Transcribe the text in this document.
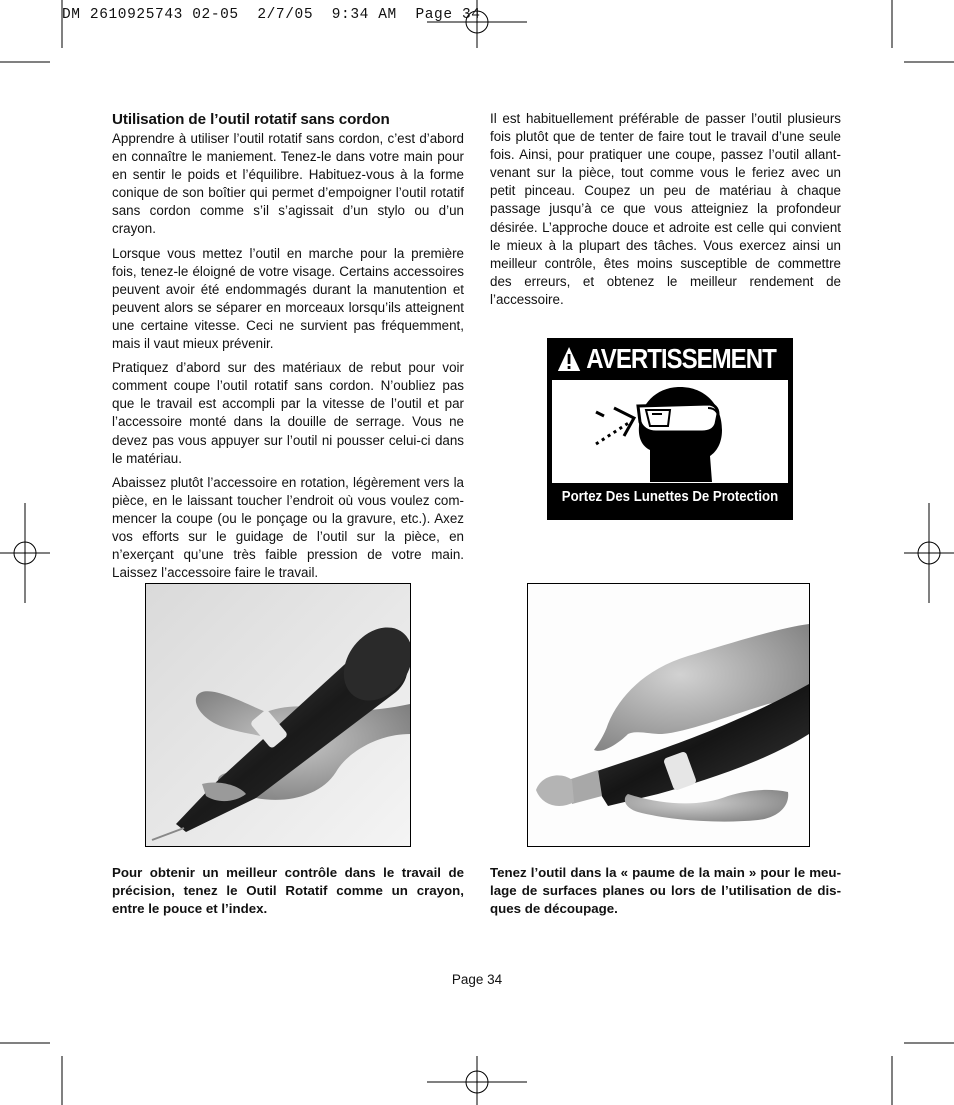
DM 2610925743 02-05  2/7/05  9:34 AM  Page 34
Utilisation de l’outil rotatif sans cordon

Apprendre à utiliser l’outil rotatif sans cordon, c’est d’abord en connaître le maniement. Tenez-le dans votre main pour en sentir le poids et l’équilibre. Habituez-vous à la forme conique de son boîtier qui permet d’empoigner l’outil rotatif sans cordon comme s’il s’agissait d’un stylo ou d’un crayon.

Lorsque vous mettez l’outil en marche pour la première fois, tenez-le éloigné de votre visage. Certains accessoires peuvent avoir été endommagés durant la manutention et peuvent alors se séparer en morceaux lorsqu’ils atteignent une certaine vitesse. Ceci ne survient pas fréquemment, mais il vaut mieux prévenir.

Pratiquez d’abord sur des matériaux de rebut pour voir comment coupe l’outil rotatif sans cordon. N’oubliez pas que le travail est accompli par la vitesse de l’outil et par l’accessoire monté dans la douille de serrage. Vous ne devez pas vous appuyer sur l’outil ni pousser celui-ci dans le matériau.

Abaissez plutôt l’accessoire en rotation, légèrement vers la pièce, en le laissant toucher l’endroit où vous voulez commencer la coupe (ou le ponçage ou la gravure, etc.). Axez vos efforts sur le guidage de l’outil sur la pièce, en n’exerçant qu’une très faible pression de votre main. Laissez l’accessoire faire le travail.

Il est habituellement préférable de passer l’outil plusieurs fois plutôt que de tenter de faire tout le travail d’une seule fois. Ainsi, pour pratiquer une coupe, passez l’outil allantvenant sur la pièce, tout comme vous le feriez avec un petit pinceau. Coupez un peu de matériau à chaque passage jusqu’à ce que vous atteigniez la profondeur désirée. L’approche douce et adroite est celle qui convient le mieux à la plupart des tâches. Vous exercez ainsi un meilleur contrôle, êtes moins susceptible de commettre des erreurs, et obtenez le meilleur rendement de l’accessoire.

AVERTISSEMENT
Portez Des Lunettes De Protection
Pour obtenir un meilleur contrôle dans le travail de précision, tenez le Outil Rotatif comme un crayon, entre le pouce et l’index.
Tenez l’outil dans la « paume de la main » pour le meulage de surfaces planes ou lors de l’utilisation de disques de découpage.
Page 34
